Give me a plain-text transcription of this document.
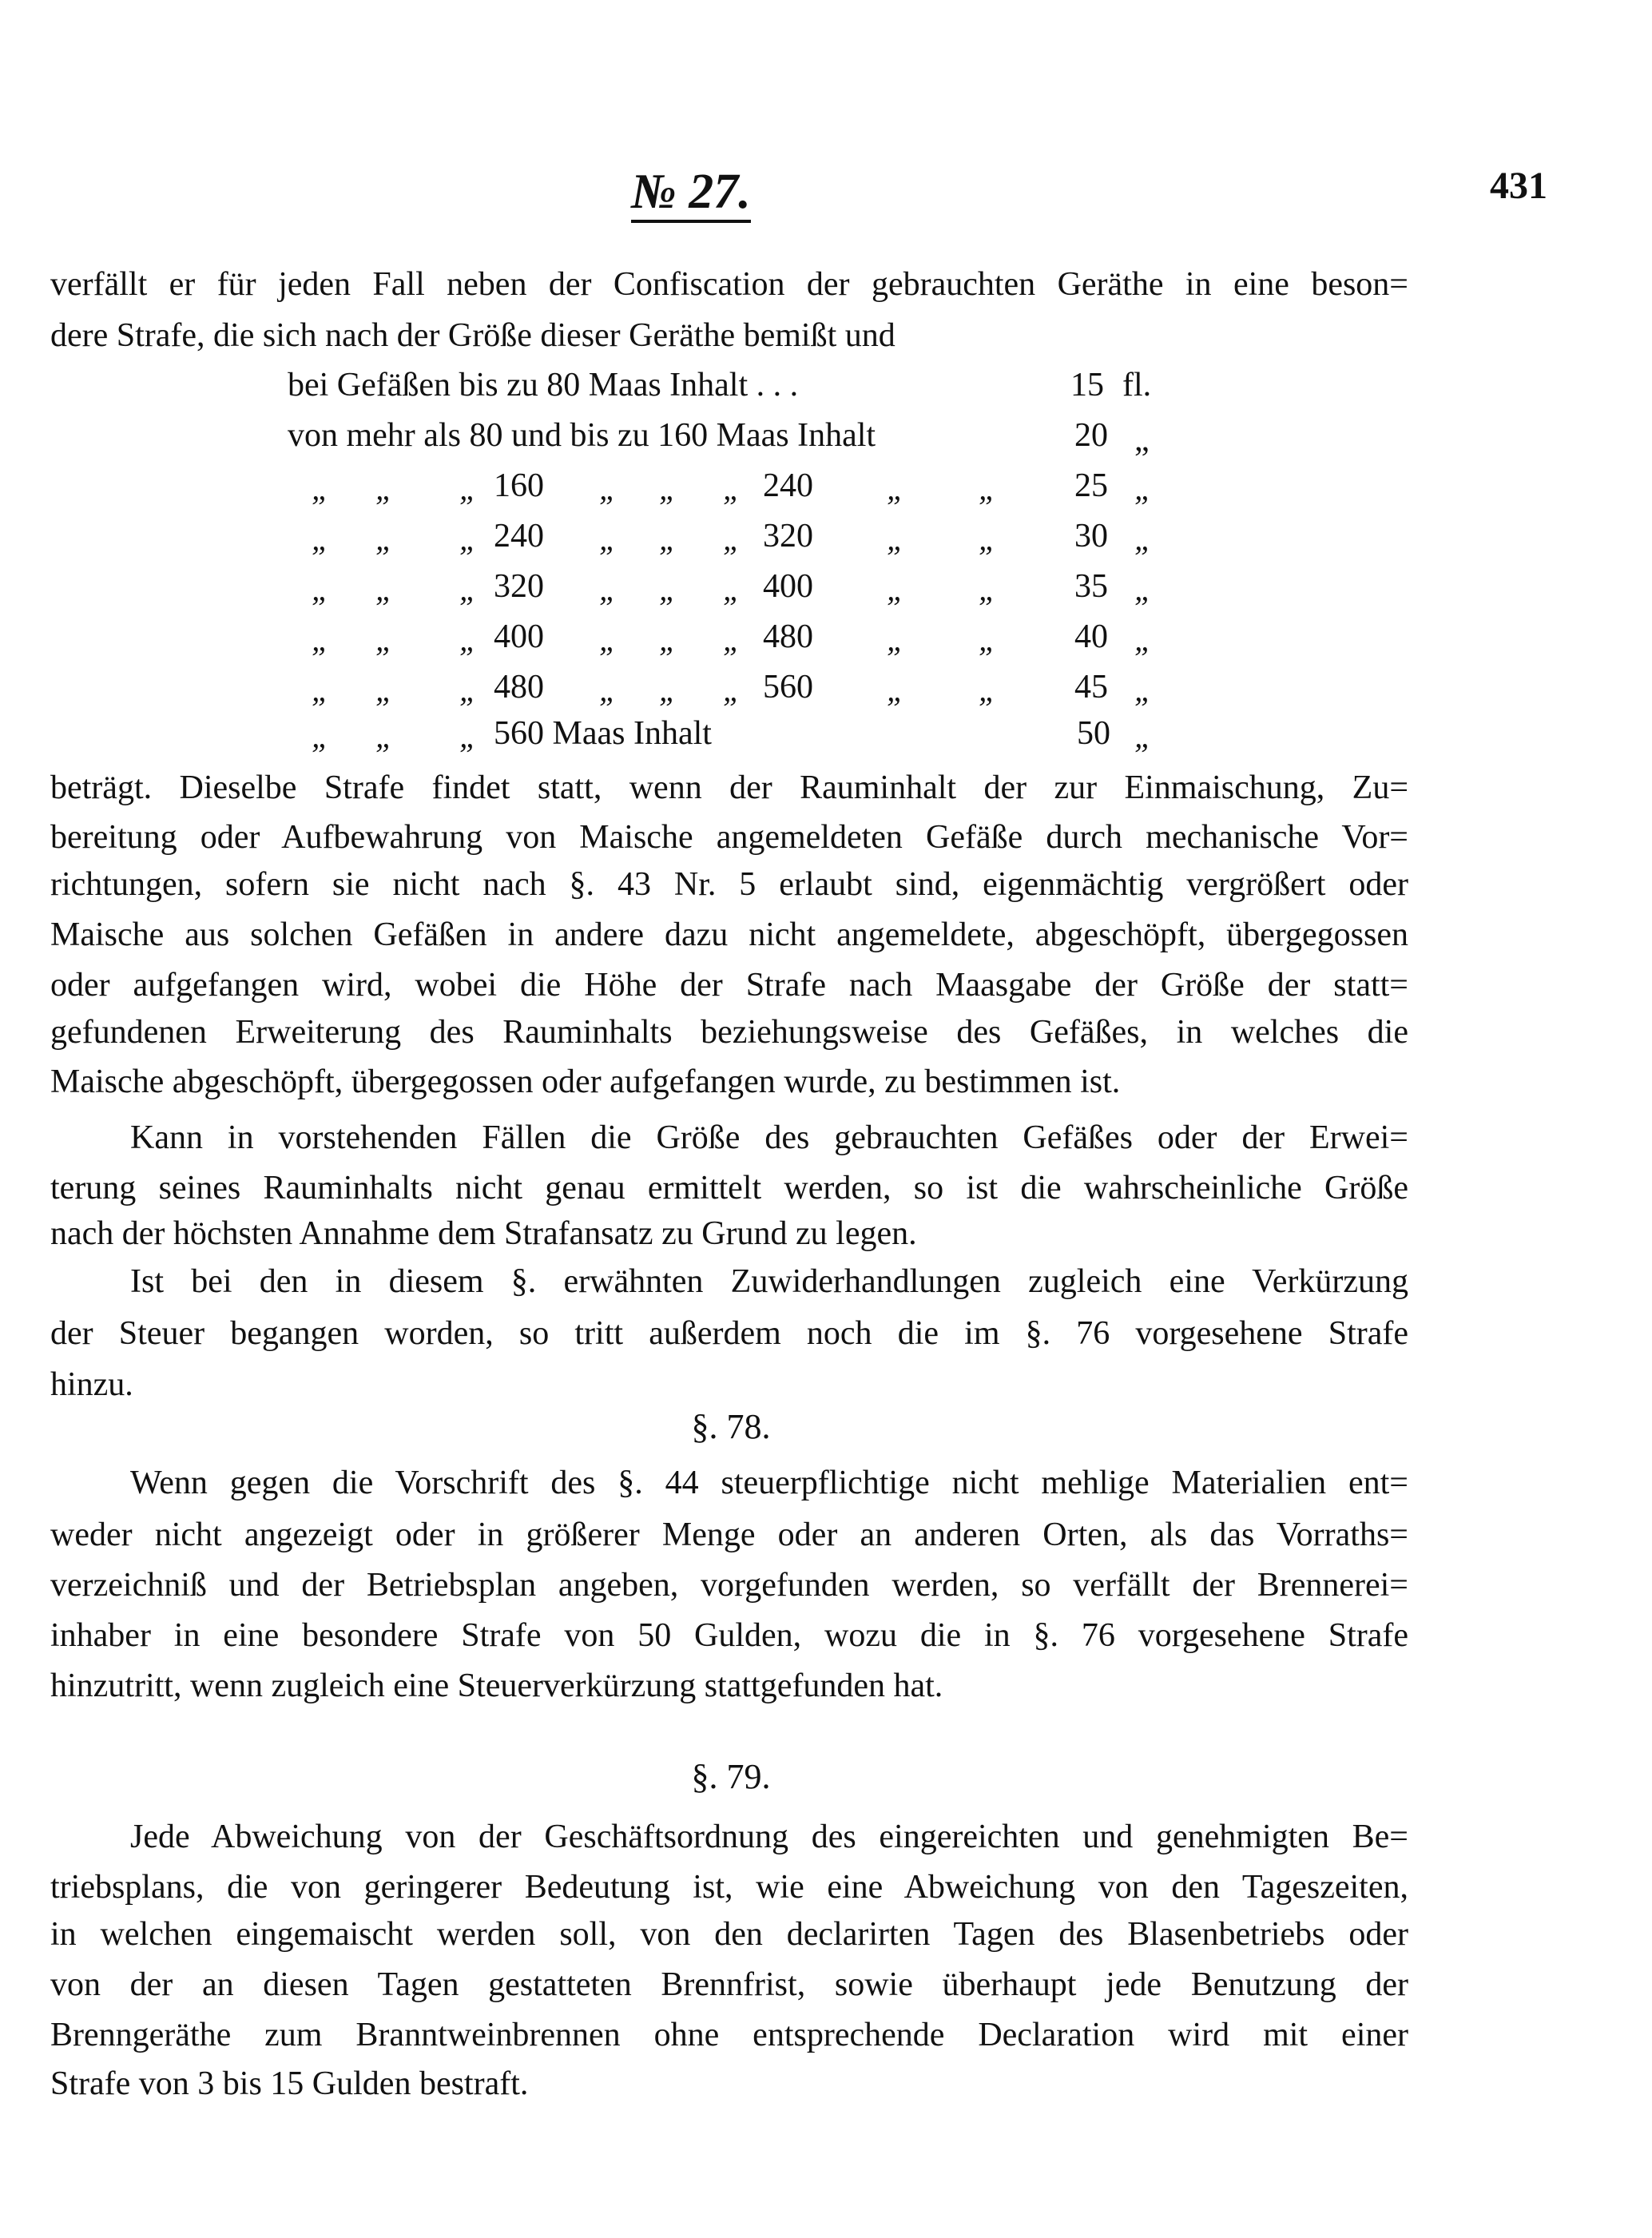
№ 27.	431
verfällt er für jeden Fall neben der Confiscation der gebrauchten Geräthe in eine beson=
dere Strafe, die sich nach der Größe dieser Geräthe bemißt und
bei Gefäßen bis zu 80 Maas Inhalt . . .	15 fl.
von mehr als 80 und bis zu 160 Maas Inhalt	20 „
„ „ „ 160 „ „ „ 240 „ „ 25 „
„ „ „ 240 „ „ „ 320 „ „ 30 „
„ „ „ 320 „ „ „ 400 „ „ 35 „
„ „ „ 400 „ „ „ 480 „ „ 40 „
„ „ „ 480 „ „ „ 560 „ „ 45 „
„ „ „ 560 Maas Inhalt	50 „
beträgt. Dieselbe Strafe findet statt, wenn der Rauminhalt der zur Einmaischung, Zu=
bereitung oder Aufbewahrung von Maische angemeldeten Gefäße durch mechanische Vor=
richtungen, sofern sie nicht nach §. 43 Nr. 5 erlaubt sind, eigenmächtig vergrößert oder
Maische aus solchen Gefäßen in andere dazu nicht angemeldete, abgeschöpft, übergegossen
oder aufgefangen wird, wobei die Höhe der Strafe nach Maasgabe der Größe der statt=
gefundenen Erweiterung des Rauminhalts beziehungsweise des Gefäßes, in welches die
Maische abgeschöpft, übergegossen oder aufgefangen wurde, zu bestimmen ist.
Kann in vorstehenden Fällen die Größe des gebrauchten Gefäßes oder der Erwei=
terung seines Rauminhalts nicht genau ermittelt werden, so ist die wahrscheinliche Größe
nach der höchsten Annahme dem Strafansatz zu Grund zu legen.
Ist bei den in diesem §. erwähnten Zuwiderhandlungen zugleich eine Verkürzung
der Steuer begangen worden, so tritt außerdem noch die im §. 76 vorgesehene Strafe
hinzu.
§. 78.
Wenn gegen die Vorschrift des §. 44 steuerpflichtige nicht mehlige Materialien ent=
weder nicht angezeigt oder in größerer Menge oder an anderen Orten, als das Vorraths=
verzeichniß und der Betriebsplan angeben, vorgefunden werden, so verfällt der Brennerei=
inhaber in eine besondere Strafe von 50 Gulden, wozu die in §. 76 vorgesehene Strafe
hinzutritt, wenn zugleich eine Steuerverkürzung stattgefunden hat.
§. 79.
Jede Abweichung von der Geschäftsordnung des eingereichten und genehmigten Be=
triebsplans, die von geringerer Bedeutung ist, wie eine Abweichung von den Tageszeiten,
in welchen eingemaischt werden soll, von den declarirten Tagen des Blasenbetriebs oder
von der an diesen Tagen gestatteten Brennfrist, sowie überhaupt jede Benutzung der
Brenngeräthe zum Branntweinbrennen ohne entsprechende Declaration wird mit einer
Strafe von 3 bis 15 Gulden bestraft.
